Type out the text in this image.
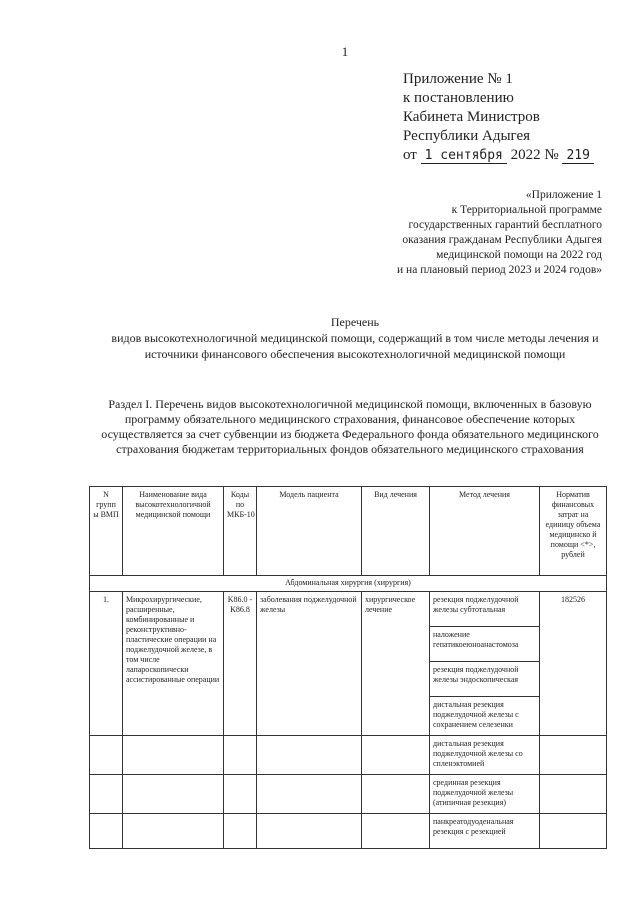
1
Приложение № 1
к постановлению
Кабинета Министров
Республики Адыгея
от 1 сентября 2022 № 219
«Приложение 1
к Территориальной программе
государственных гарантий бесплатного
оказания гражданам Республики Адыгея
медицинской помощи на 2022 год
и на плановый период 2023 и 2024 годов»
Перечень
видов высокотехнологичной медицинской помощи, содержащий в том числе методы лечения и
источники финансового обеспечения высокотехнологичной медицинской помощи
Раздел I. Перечень видов высокотехнологичной медицинской помощи, включенных в базовую
программу обязательного медицинского страхования, финансовое обеспечение которых
осуществляется за счет субвенции из бюджета Федерального фонда обязательного медицинского
страхования бюджетам территориальных фондов обязательного медицинского страхования
N групп ы ВМП	Наименование вида высокотехнологичной медицинской помощи	Коды по МКБ-10	Модель пациента	Вид лечения	Метод лечения	Норматив финансовых затрат на единицу объема медицинско й помощи <*>, рублей
Абдоминальная хирургия (хирургия)						
1.	Микрохирургические, расширенные, комбинированные и реконструктивно-пластические операции на поджелудочной железе, в том числе лапароскопически ассистированные операции	K86.0 - K86.8	заболевания поджелудочной железы	хирургическое лечение	резекция поджелудочной железы субтотальная	182526
					наложение гепатикоеюноанастомоза	
					резекция поджелудочной железы эндоскопическая	
					дистальная резекция поджелудочной железы с сохранением селезенки	
					дистальная резекция поджелудочной железы со спленэктомией	
					срединная резекция поджелудочной железы (атипичная резекция)	
					панкреатодуоденальная резекция с резекцией	
